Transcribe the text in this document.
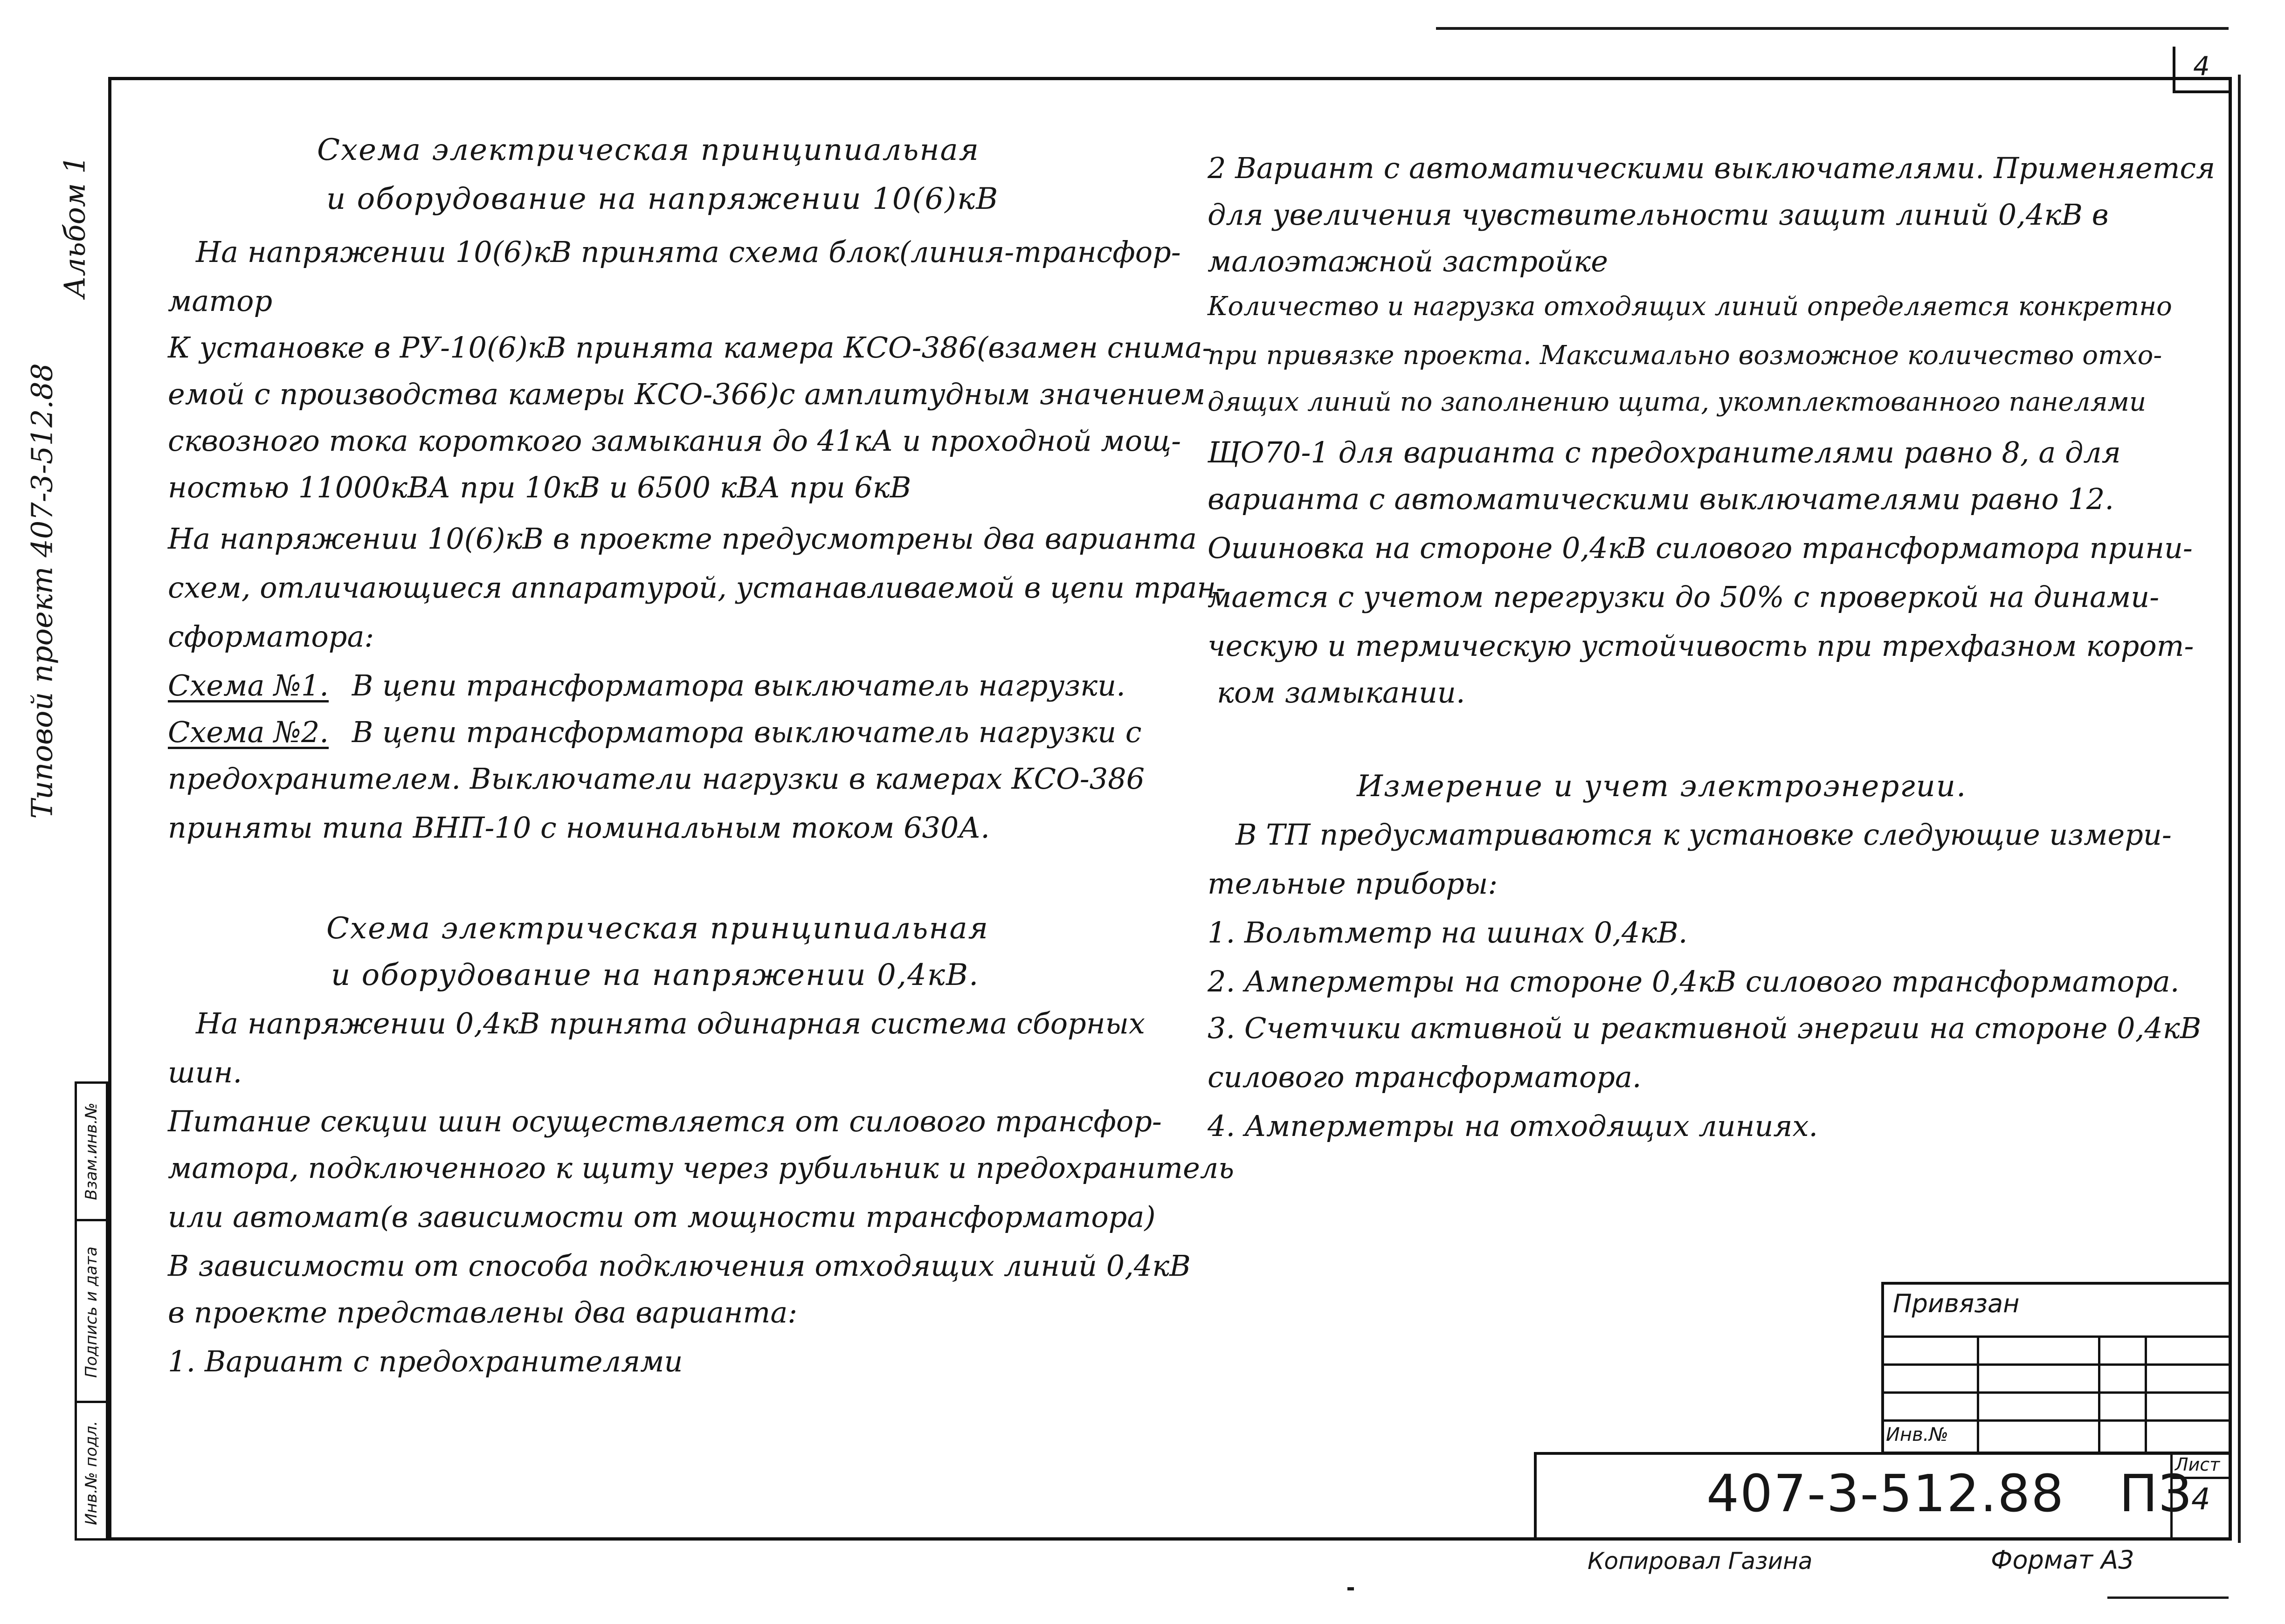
4
Типовой проект 407-3-512.88
Альбом 1
Взам.инв.№
Подпись и дата
Инв.№ подл.
Схема электрическая принципиальная
и оборудование на напряжении 10(6)кВ
На напряжении 10(6)кВ принята схема блок(линия-трансфор-
матор
К установке в РУ-10(6)кВ принята камера КСО-386(взамен снима-
емой с производства камеры КСО-366)с амплитудным значением
сквозного тока короткого замыкания до 41кА и проходной мощ-
ностью 11000кВА при 10кВ и 6500 кВА при 6кВ
На напряжении 10(6)кВ в проекте предусмотрены два варианта
схем, отличающиеся аппаратурой, устанавливаемой в цепи тран-
сформатора:
Схема №1. В цепи трансформатора выключатель нагрузки.
Схема №2. В цепи трансформатора выключатель нагрузки с
предохранителем. Выключатели нагрузки в камерах КСО-386
приняты типа ВНП-10 с номинальным током 630А.
Схема электрическая принципиальная
и оборудование на напряжении 0,4кВ.
На напряжении 0,4кВ принята одинарная система сборных
шин.
Питание секции шин осуществляется от силового трансфор-
матора, подключенного к щиту через рубильник и предохранитель
или автомат(в зависимости от мощности трансформатора)
В зависимости от способа подключения отходящих линий 0,4кВ
в проекте представлены два варианта:
1. Вариант с предохранителями
2 Вариант с автоматическими выключателями. Применяется
для увеличения чувствительности защит линий 0,4кВ в
малоэтажной застройке
Количество и нагрузка отходящих линий определяется конкретно
при привязке проекта. Максимально возможное количество отхо-
дящих линий по заполнению щита, укомплектованного панелями
ЩО70-1 для варианта с предохранителями равно 8, а для
варианта с автоматическими выключателями равно 12.
Ошиновка на стороне 0,4кВ силового трансформатора прини-
мается с учетом перегрузки до 50% с проверкой на динами-
ческую и термическую устойчивость при трехфазном корот-
ком замыкании.
Измерение и учет электроэнергии.
В ТП предусматриваются к установке следующие измери-
тельные приборы:
1. Вольтметр на шинах 0,4кВ.
2. Амперметры на стороне 0,4кВ силового трансформатора.
3. Счетчики активной и реактивной энергии на стороне 0,4кВ
силового трансформатора.
4. Амперметры на отходящих линиях.
Привязан
Инв.№
407-3-512.88 ПЗ
Лист
4
Копировал Газина	Формат А3
